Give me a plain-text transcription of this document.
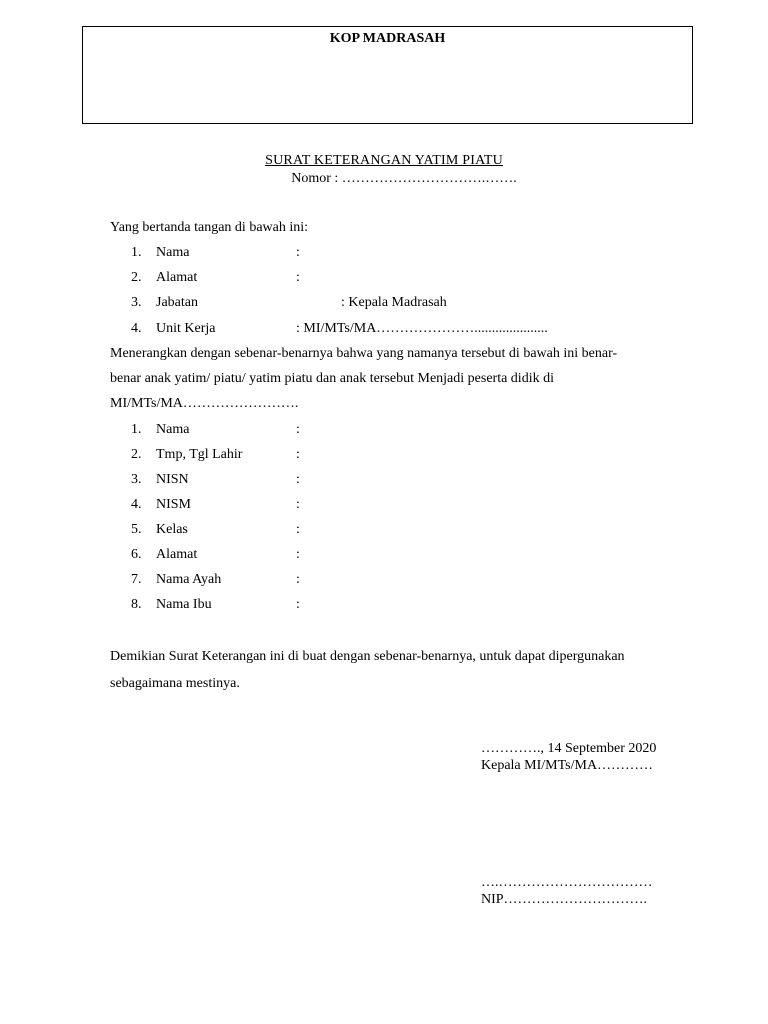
KOP MADRASAH
SURAT KETERANGAN YATIM PIATU
Nomor : ………………………….…….
Yang bertanda tangan di bawah ini:
1.	Nama	:
2.	Alamat	:
3.	Jabatan	: Kepala Madrasah
4.	Unit Kerja	: MI/MTs/MA………………….....................
Menerangkan dengan sebenar-benarnya bahwa yang namanya tersebut di bawah ini benar-
benar anak yatim/ piatu/ yatim piatu dan anak tersebut Menjadi peserta didik di
MI/MTs/MA…………………….
1.	Nama	:
2.	Tmp, Tgl Lahir	:
3.	NISN	:
4.	NISM	:
5.	Kelas	:
6.	Alamat	:
7.	Nama Ayah	:
8.	Nama Ibu	:
Demikian Surat Keterangan ini di buat dengan sebenar-benarnya, untuk dapat dipergunakan
sebagaimana mestinya.
…………., 14 September 2020
Kepala MI/MTs/MA…………
….……………………………
NIP………………………….
